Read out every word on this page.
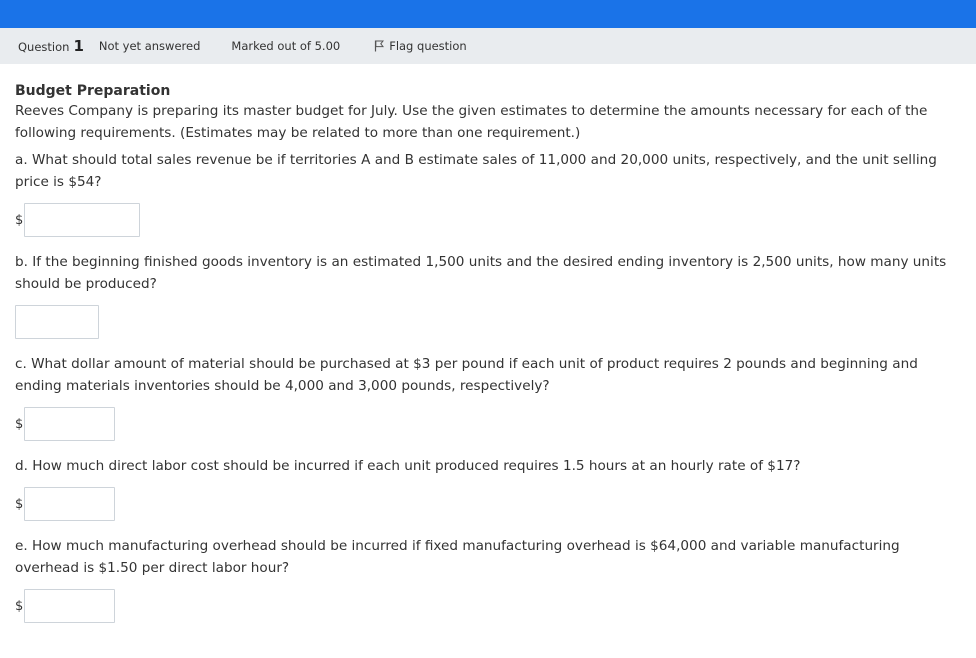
Question 1 Not yet answered	Marked out of 5.00	Flag question

Budget Preparation

Reeves Company is preparing its master budget for July. Use the given estimates to determine the amounts necessary for each of the following requirements. (Estimates may be related to more than one requirement.)

a. What should total sales revenue be if territories A and B estimate sales of 11,000 and 20,000 units, respectively, and the unit selling price is $54?

$

b. If the beginning finished goods inventory is an estimated 1,500 units and the desired ending inventory is 2,500 units, how many units should be produced?

c. What dollar amount of material should be purchased at $3 per pound if each unit of product requires 2 pounds and beginning and ending materials inventories should be 4,000 and 3,000 pounds, respectively?

$

d. How much direct labor cost should be incurred if each unit produced requires 1.5 hours at an hourly rate of $17?

$

e. How much manufacturing overhead should be incurred if fixed manufacturing overhead is $64,000 and variable manufacturing overhead is $1.50 per direct labor hour?

$
